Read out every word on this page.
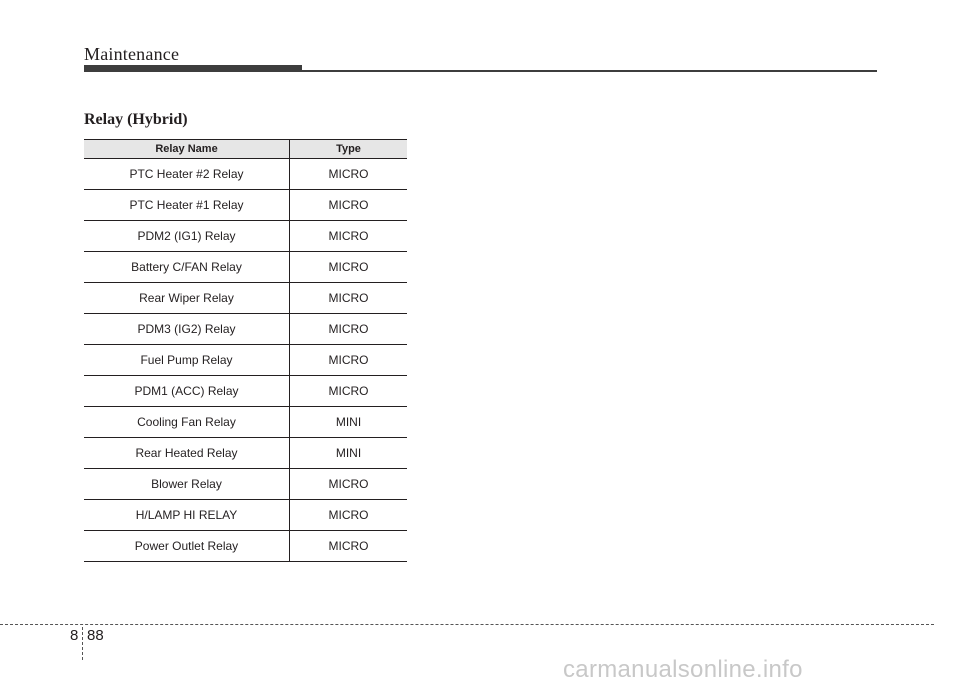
Maintenance
Relay (Hybrid)
Relay Name	Type
PTC Heater #2 Relay	MICRO
PTC Heater #1 Relay	MICRO
PDM2 (IG1) Relay	MICRO
Battery C/FAN Relay	MICRO
Rear Wiper Relay	MICRO
PDM3 (IG2) Relay	MICRO
Fuel Pump Relay	MICRO
PDM1 (ACC) Relay	MICRO
Cooling Fan Relay	MINI
Rear Heated Relay	MINI
Blower Relay	MICRO
H/LAMP HI RELAY	MICRO
Power Outlet Relay	MICRO
8 88
carmanualsonline.info
